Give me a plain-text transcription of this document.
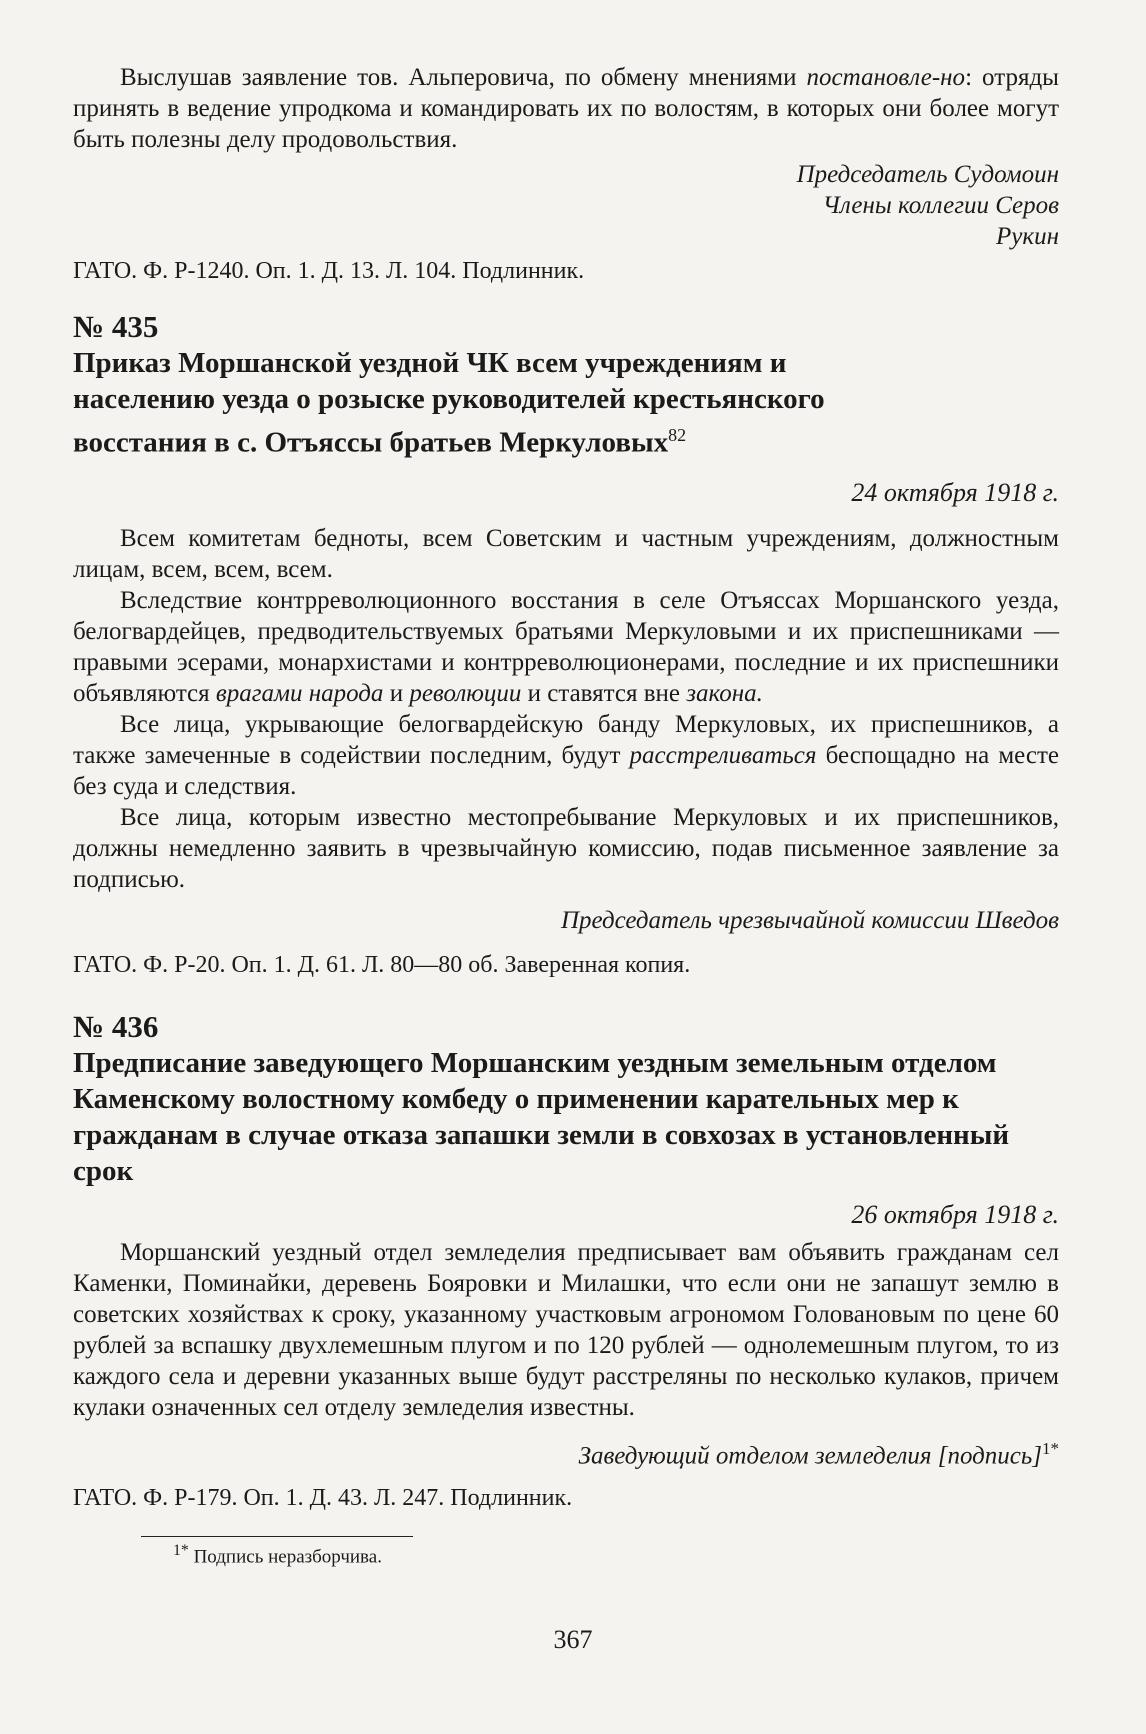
Выслушав заявление тов. Альперовича, по обмену мнениями постановле-но: отряды принять в ведение упродкома и командировать их по волостям, в которых они более могут быть полезны делу продовольствия.

Председатель Судомоин

Члены коллегии Серов

Рукин

ГАТО. Ф. Р-1240. Оп. 1. Д. 13. Л. 104. Подлинник.

№ 435

Приказ Моршанской уездной ЧК всем учреждениям и населению уезда о розыске руководителей крестьянского восстания в с. Отъяссы братьев Меркуловых$^{82}$

24 октября 1918 г.

Всем комитетам бедноты, всем Советским и частным учреждениям, должностным лицам, всем, всем, всем.

Вследствие контрреволюционного восстания в селе Отъяссах Моршанского уезда, белогвардейцев, предводительствуемых братьями Меркуловыми и их приспешниками — правыми эсерами, монархистами и контрреволюционерами, последние и их приспешники объявляются врагами народа и революции и ставятся вне закона.

Все лица, укрывающие белогвардейскую банду Меркуловых, их приспешников, а также замеченные в содействии последним, будут расстреливаться беспощадно на месте без суда и следствия.

Все лица, которым известно местопребывание Меркуловых и их приспешников, должны немедленно заявить в чрезвычайную комиссию, подав письменное заявление за подписью.

Председатель чрезвычайной комиссии Шведов

ГАТО. Ф. Р-20. Оп. 1. Д. 61. Л. 80—80 об. Заверенная копия.

№ 436

Предписание заведующего Моршанским уездным земельным отделом Каменскому волостному комбеду о применении карательных мер к гражданам в случае отказа запашки земли в совхозах в установленный срок

26 октября 1918 г.

Моршанский уездный отдел земледелия предписывает вам объявить гражданам сел Каменки, Поминайки, деревень Бояровки и Милашки, что если они не запашут землю в советских хозяйствах к сроку, указанному участковым агрономом Головановым по цене 60 рублей за вспашку двухлемешным плугом и по 120 рублей — однолемешным плугом, то из каждого села и деревни указанных выше будут расстреляны по несколько кулаков, причем кулаки означенных сел отделу земледелия известны.

Заведующий отделом земледелия [подпись]$^{1*}$

ГАТО. Ф. Р-179. Оп. 1. Д. 43. Л. 247. Подлинник.

$^{1*}$ Подпись неразборчива.

367
